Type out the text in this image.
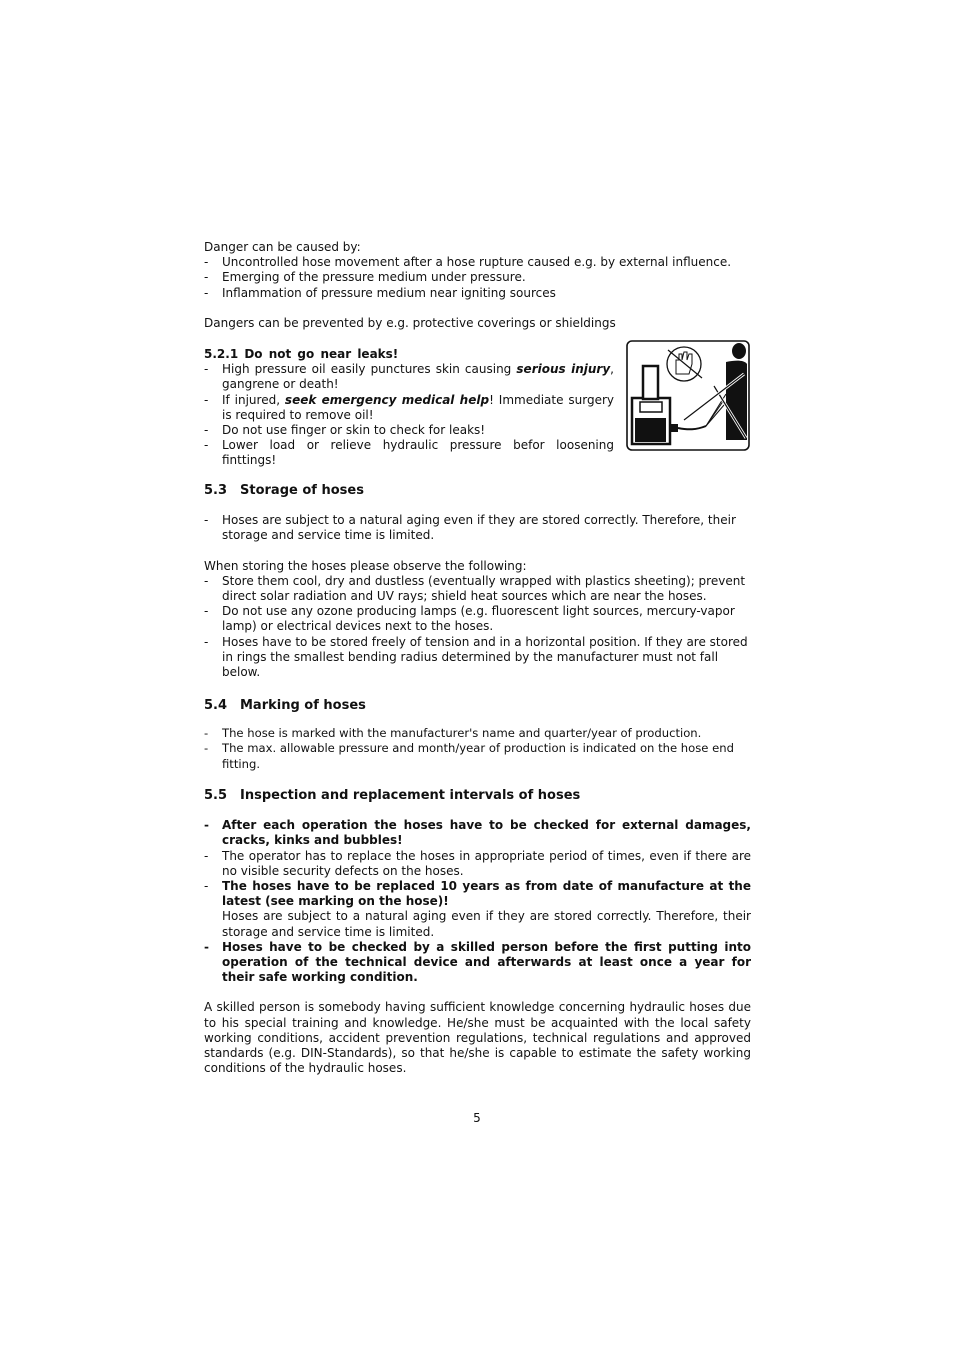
Danger can be caused by:

- Uncontrolled hose movement after a hose rupture caused e.g. by external influence.
- Emerging of the pressure medium under pressure.
- Inflammation of pressure medium near igniting sources

Dangers can be prevented by e.g. protective coverings or shieldings

5.2.1 Do not go near leaks!

- High pressure oil easily punctures skin causing serious injury, gangrene or death!
- If injured, seek emergency medical help! Immediate surgery is required to remove oil!
- Do not use finger or skin to check for leaks!
- Lower load or relieve hydraulic pressure befor loosening finttings!

5.3 Storage of hoses

- Hoses are subject to a natural aging even if they are stored correctly. Therefore, their storage and service time is limited.

When storing the hoses please observe the following:

- Store them cool, dry and dustless (eventually wrapped with plastics sheeting); prevent direct solar radiation and UV rays; shield heat sources which are near the hoses.
- Do not use any ozone producing lamps (e.g. fluorescent light sources, mercury-vapor lamp) or electrical devices next to the hoses.
- Hoses have to be stored freely of tension and in a horizontal position. If they are stored in rings the smallest bending radius determined by the manufacturer must not fall below.

5.4 Marking of hoses

- The hose is marked with the manufacturer's name and quarter/year of production.
- The max. allowable pressure and month/year of production is indicated on the hose end fitting.

5.5 Inspection and replacement intervals of hoses

- After each operation the hoses have to be checked for external damages, cracks, kinks and bubbles!
- The operator has to replace the hoses in appropriate period of times, even if there are no visible security defects on the hoses.
- The hoses have to be replaced 10 years as from date of manufacture at the latest (see marking on the hose)!
Hoses are subject to a natural aging even if they are stored correctly. Therefore, their storage and service time is limited.
- Hoses have to be checked by a skilled person before the first putting into operation of the technical device and afterwards at least once a year for their safe working condition.

A skilled person is somebody having sufficient knowledge concerning hydraulic hoses due to his special training and knowledge. He/she must be acquainted with the local safety working conditions, accident prevention regulations, technical regulations and approved standards (e.g. DIN-Standards), so that he/she is capable to estimate the safety working conditions of the hydraulic hoses.

5
